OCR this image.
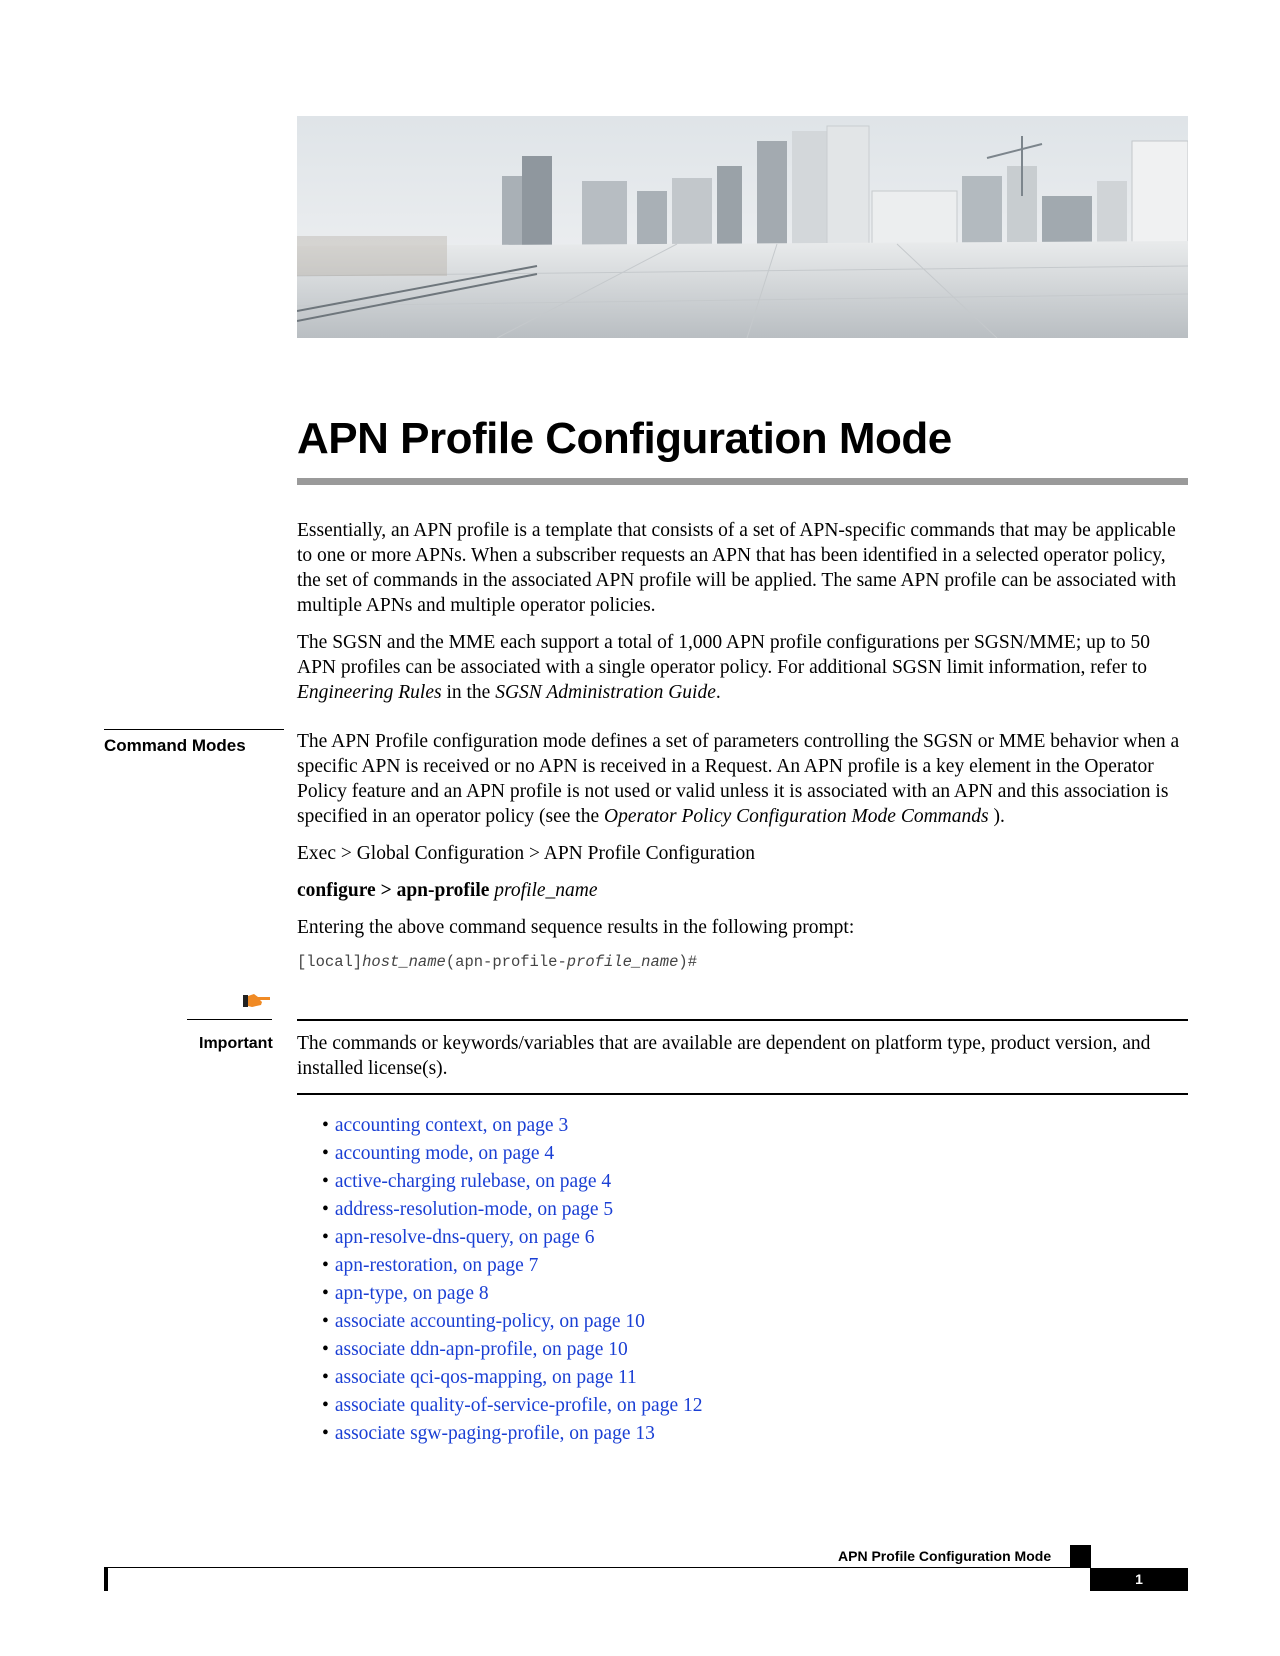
APN Profile Configuration Mode

Essentially, an APN profile is a template that consists of a set of APN-specific commands that may be applicable to one or more APNs. When a subscriber requests an APN that has been identified in a selected operator policy, the set of commands in the associated APN profile will be applied. The same APN profile can be associated with multiple APNs and multiple operator policies.

The SGSN and the MME each support a total of 1,000 APN profile configurations per SGSN/MME; up to 50 APN profiles can be associated with a single operator policy. For additional SGSN limit information, refer to Engineering Rules in the SGSN Administration Guide.

Command Modes	The APN Profile configuration mode defines a set of parameters controlling the SGSN or MME behavior when a specific APN is received or no APN is received in a Request. An APN profile is a key element in the Operator Policy feature and an APN profile is not used or valid unless it is associated with an APN and this association is specified in an operator policy (see the Operator Policy Configuration Mode Commands ).

Exec > Global Configuration > APN Profile Configuration

configure > apn-profile profile_name

Entering the above command sequence results in the following prompt:

[local]host_name(apn-profile-profile_name)#
Important The commands or keywords/variables that are available are dependent on platform type, product version, and installed license(s).

• accounting context, on page 3
• accounting mode, on page 4
• active-charging rulebase, on page 4
• address-resolution-mode, on page 5
• apn-resolve-dns-query, on page 6
• apn-restoration, on page 7
• apn-type, on page 8
• associate accounting-policy, on page 10
• associate ddn-apn-profile, on page 10
• associate qci-qos-mapping, on page 11
• associate quality-of-service-profile, on page 12
• associate sgw-paging-profile, on page 13
APN Profile Configuration Mode
1
